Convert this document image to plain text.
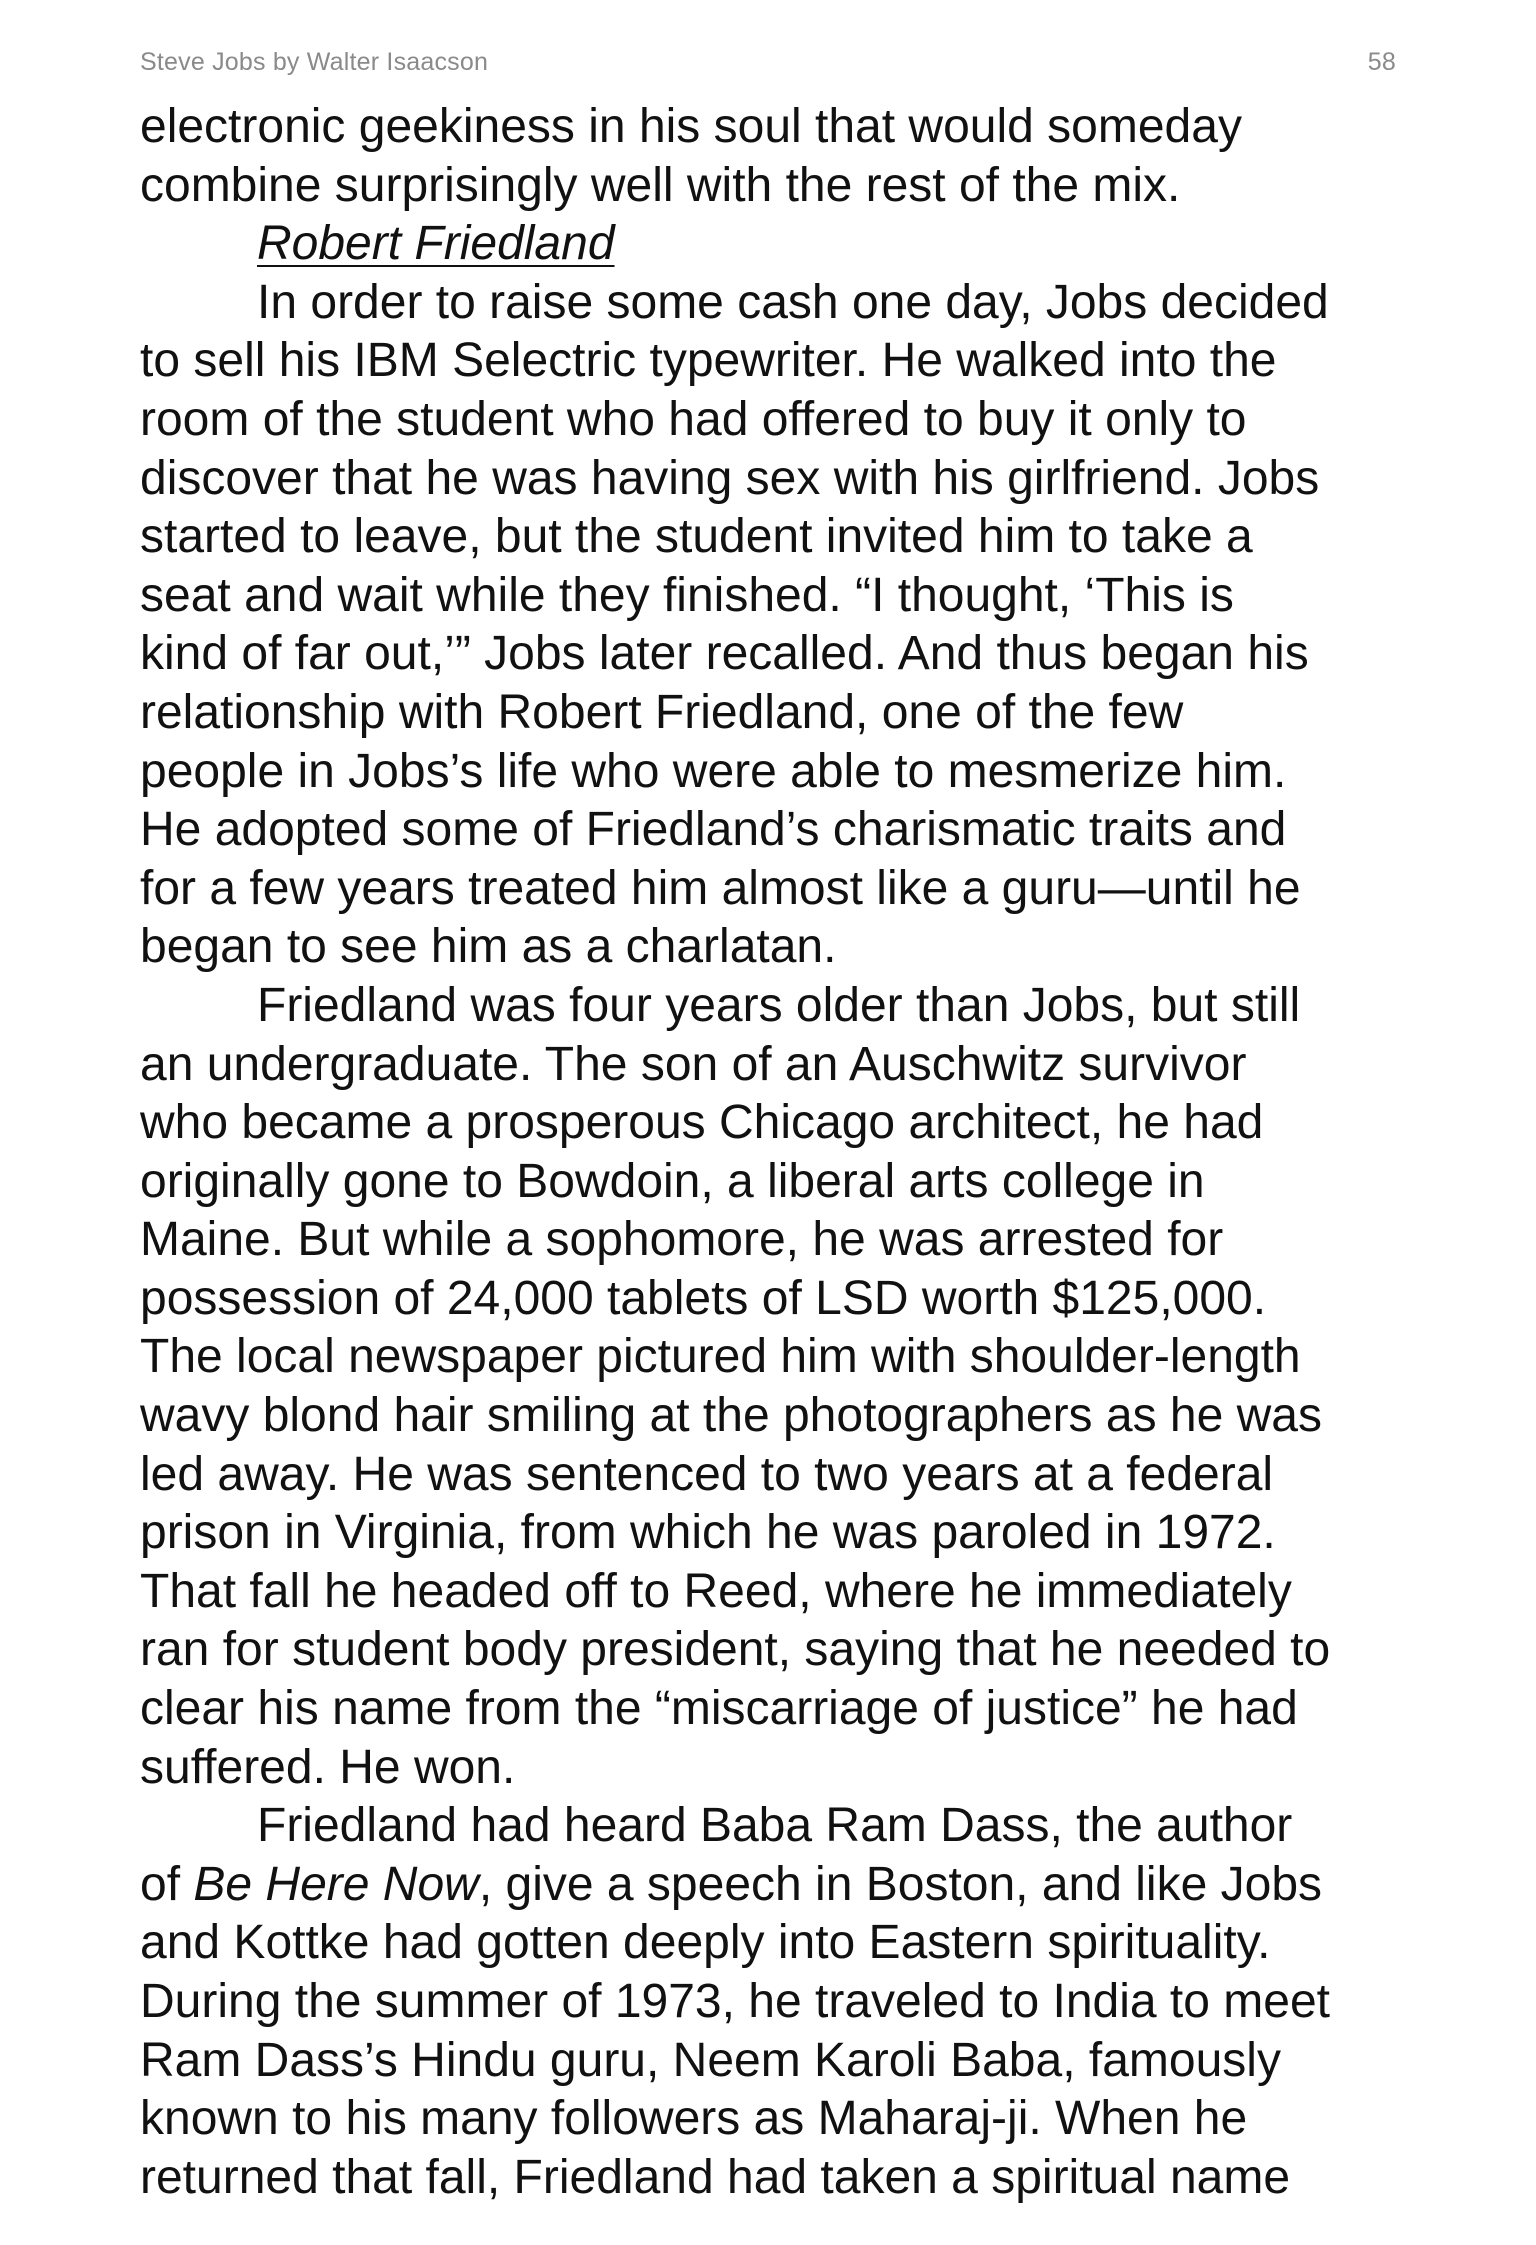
Steve Jobs by Walter Isaacson	58
electronic geekiness in his soul that would someday
combine surprisingly well with the rest of the mix.
Robert Friedland
In order to raise some cash one day, Jobs decided
to sell his IBM Selectric typewriter. He walked into the
room of the student who had offered to buy it only to
discover that he was having sex with his girlfriend. Jobs
started to leave, but the student invited him to take a
seat and wait while they finished. “I thought, ‘This is
kind of far out,’” Jobs later recalled. And thus began his
relationship with Robert Friedland, one of the few
people in Jobs’s life who were able to mesmerize him.
He adopted some of Friedland’s charismatic traits and
for a few years treated him almost like a guru—until he
began to see him as a charlatan.
Friedland was four years older than Jobs, but still
an undergraduate. The son of an Auschwitz survivor
who became a prosperous Chicago architect, he had
originally gone to Bowdoin, a liberal arts college in
Maine. But while a sophomore, he was arrested for
possession of 24,000 tablets of LSD worth $125,000.
The local newspaper pictured him with shoulder-length
wavy blond hair smiling at the photographers as he was
led away. He was sentenced to two years at a federal
prison in Virginia, from which he was paroled in 1972.
That fall he headed off to Reed, where he immediately
ran for student body president, saying that he needed to
clear his name from the “miscarriage of justice” he had
suffered. He won.
Friedland had heard Baba Ram Dass, the author
of Be Here Now, give a speech in Boston, and like Jobs
and Kottke had gotten deeply into Eastern spirituality.
During the summer of 1973, he traveled to India to meet
Ram Dass’s Hindu guru, Neem Karoli Baba, famously
known to his many followers as Maharaj-ji. When he
returned that fall, Friedland had taken a spiritual name
